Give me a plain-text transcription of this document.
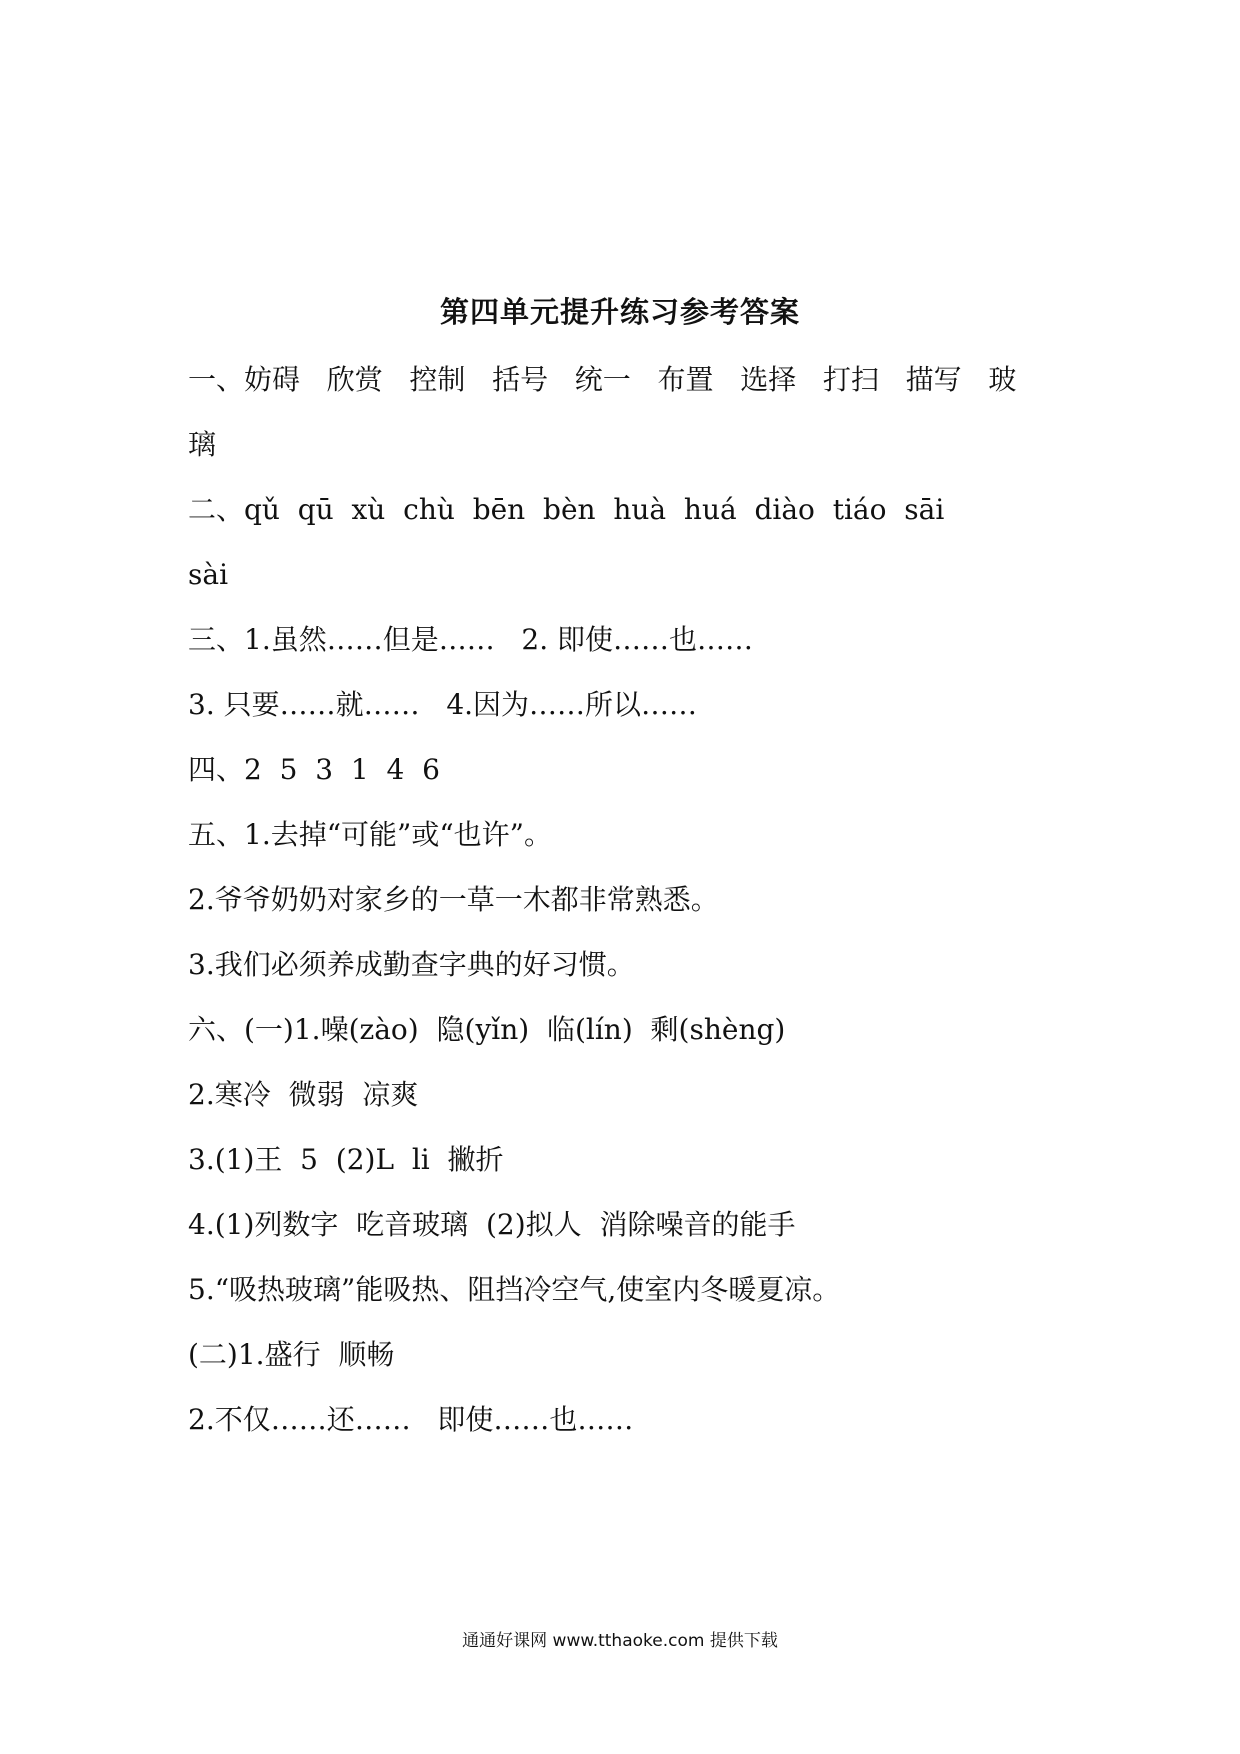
第四单元提升练习参考答案
一、妨碍   欣赏   控制   括号   统一   布置   选择   打扫   描写   玻
璃
二、qǔ  qū  xù  chù  bēn  bèn  huà  huá  diào  tiáo  sāi
sài
三、1.虽然……但是……   2. 即使……也……
3. 只要……就……   4.因为……所以……
四、2  5  3  1  4  6
五、1.去掉“可能”或“也许”。
2.爷爷奶奶对家乡的一草一木都非常熟悉。
3.我们必须养成勤查字典的好习惯。
六、(一)1.噪(zào)  隐(yǐn)  临(lín)  剩(shèng)
2.寒冷  微弱  凉爽
3.(1)王  5  (2)L  li  撇折
4.(1)列数字  吃音玻璃  (2)拟人  消除噪音的能手
5.“吸热玻璃”能吸热、阻挡冷空气,使室内冬暖夏凉。
(二)1.盛行  顺畅
2.不仅……还……   即使……也……
通通好课网 www.tthaoke.com 提供下载
